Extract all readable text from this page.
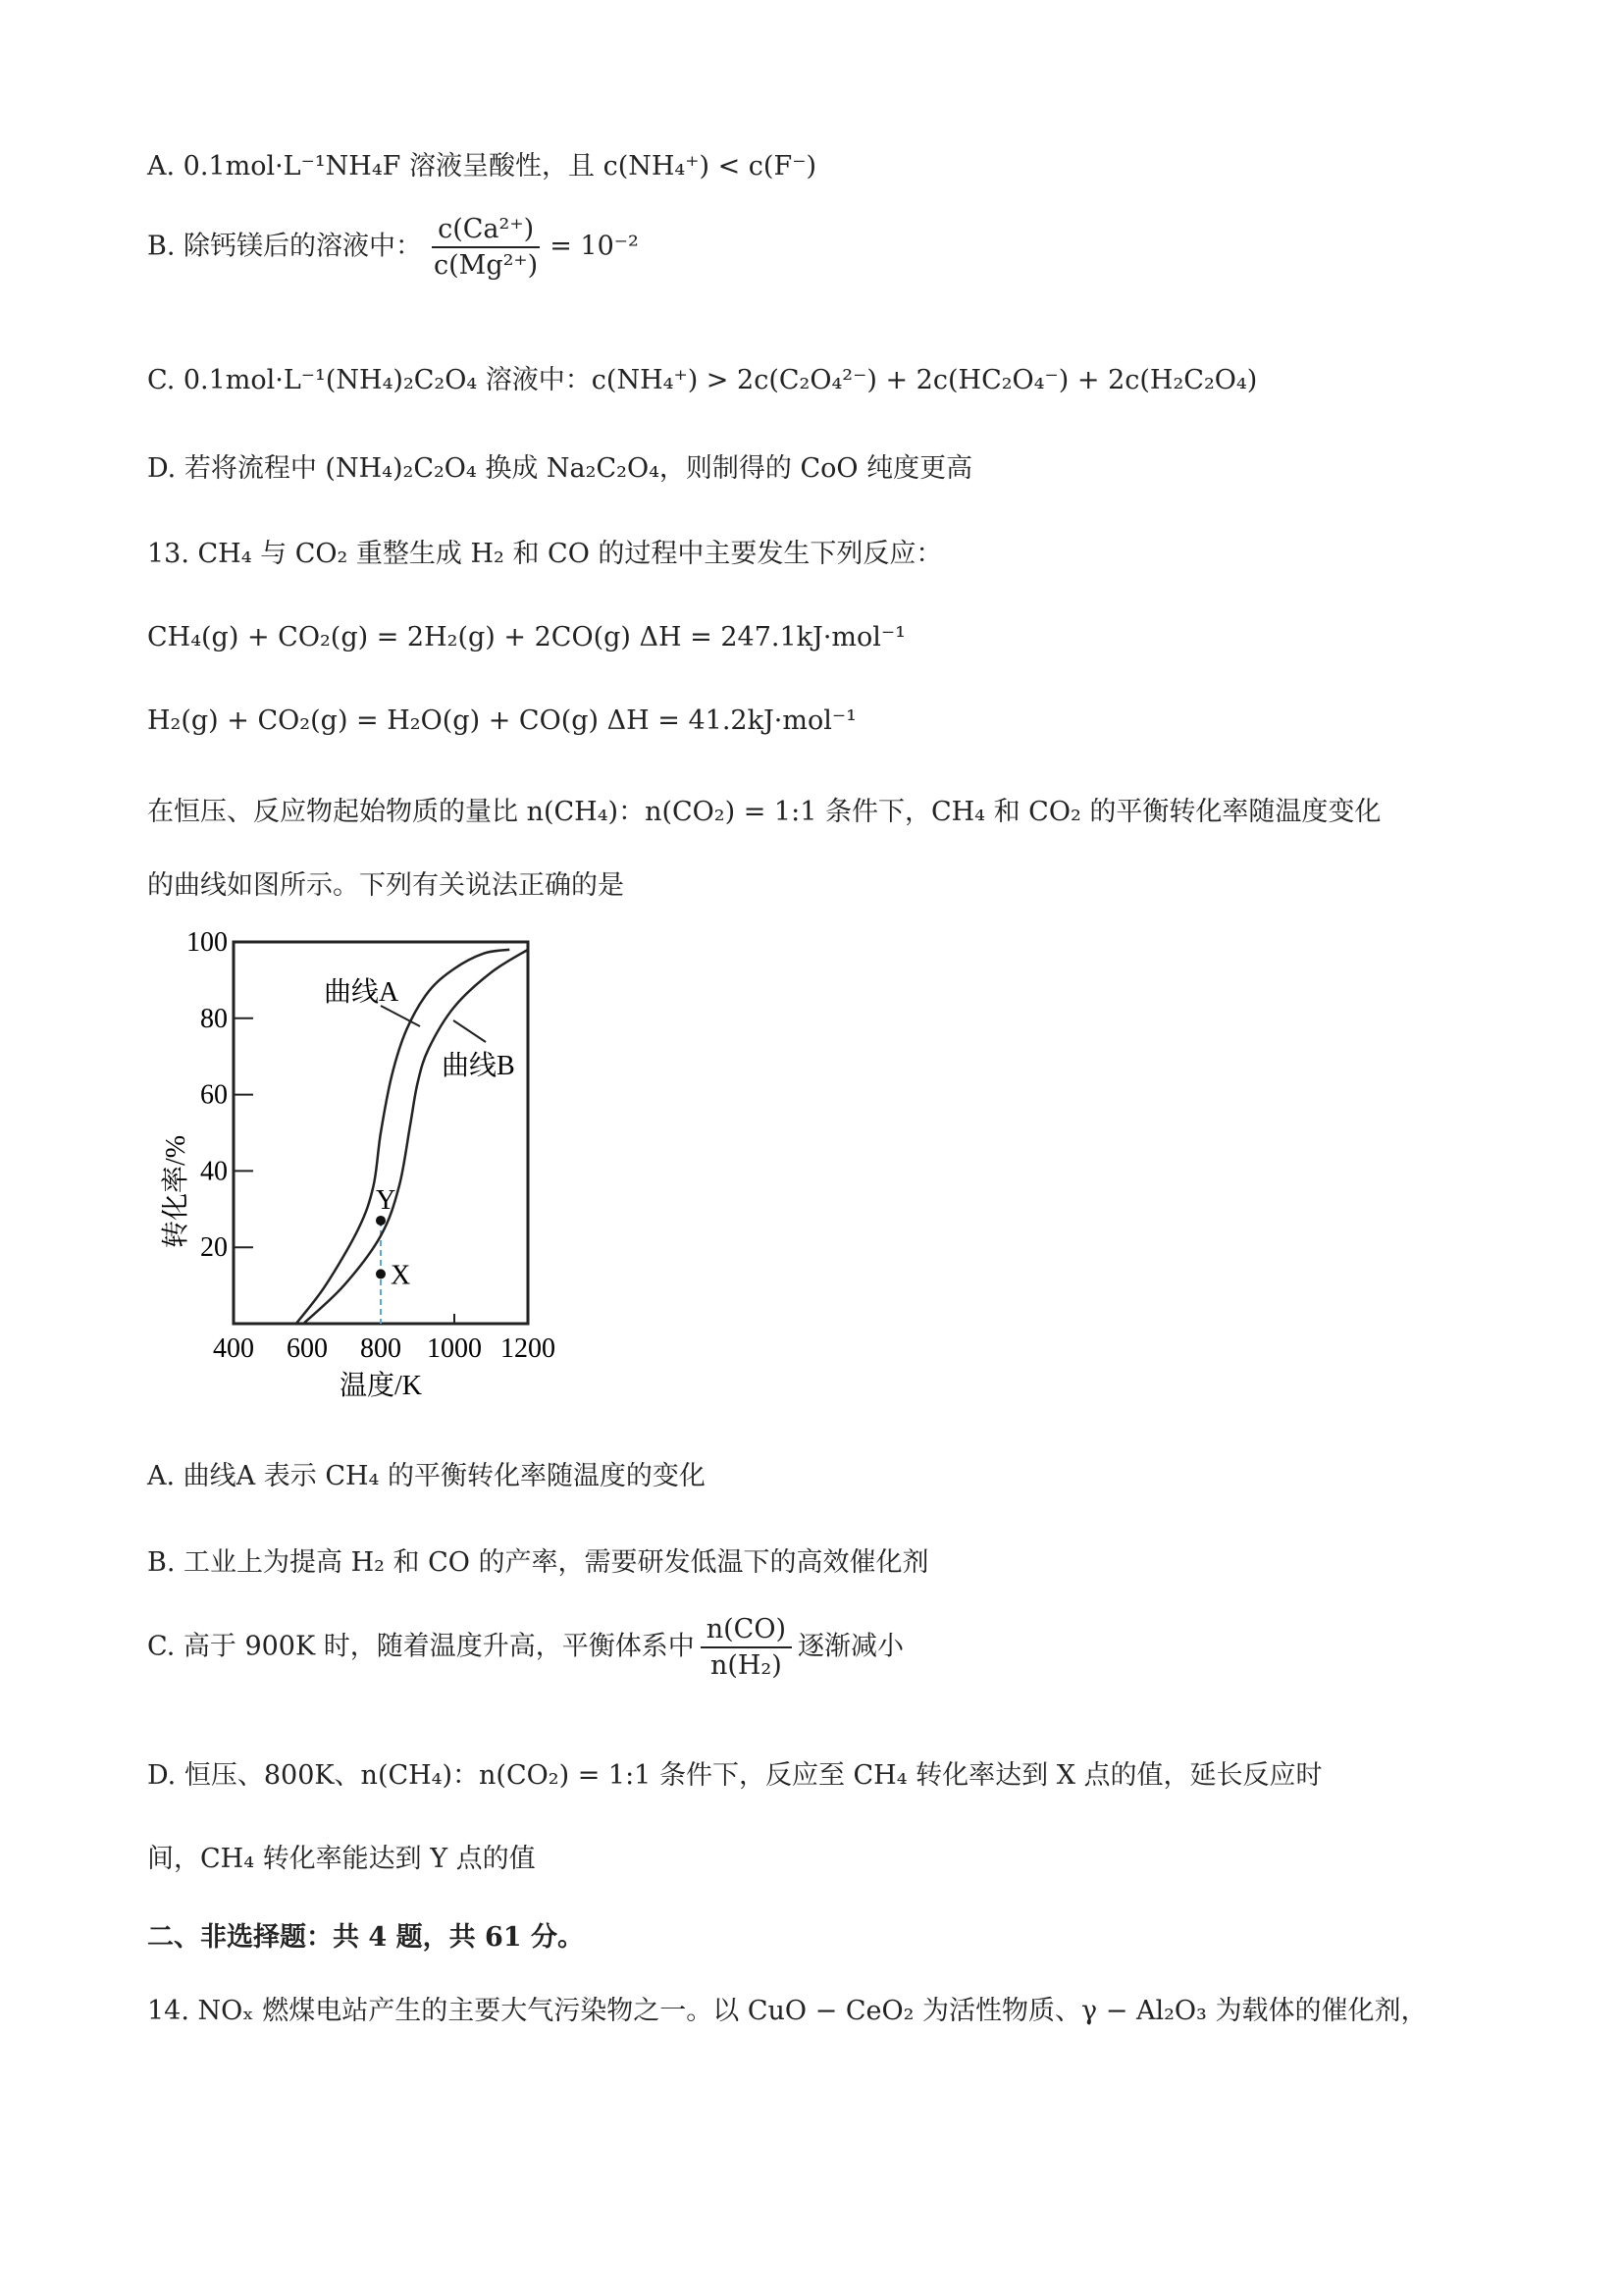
A. 0.1mol·L⁻¹NH₄F 溶液呈酸性，且 c(NH₄⁺) < c(F⁻)
B. 除钙镁后的溶液中： $\frac{\text{c(Ca²⁺)}}{\text{c(Mg²⁺)}} = 10^{-2}$
C. 0.1mol·L⁻¹(NH₄)₂C₂O₄ 溶液中：c(NH₄⁺) > 2c(C₂O₄²⁻) + 2c(HC₂O₄⁻) + 2c(H₂C₂O₄)
D. 若将流程中 (NH₄)₂C₂O₄ 换成 Na₂C₂O₄，则制得的 CoO 纯度更高
13. CH₄ 与 CO₂ 重整生成 H₂ 和 CO 的过程中主要发生下列反应：
CH₄(g) + CO₂(g) = 2H₂(g) + 2CO(g) ΔH = 247.1kJ·mol⁻¹
H₂(g) + CO₂(g) = H₂O(g) + CO(g) ΔH = 41.2kJ·mol⁻¹
在恒压、反应物起始物质的量比 n(CH₄)：n(CO₂) = 1:1 条件下，CH₄ 和 CO₂ 的平衡转化率随温度变化
的曲线如图所示。下列有关说法正确的是
100
80
60
40
20
400 600 800 1000 1200
温度/K
转化率/%
曲线A
曲线B
Y
X
A. 曲线A 表示 CH₄ 的平衡转化率随温度的变化
B. 工业上为提高 H₂ 和 CO 的产率，需要研发低温下的高效催化剂
C. 高于 900K 时，随着温度升高，平衡体系中 $\frac{n(CO)}{\text{n(H₂)}}$ 逐渐减小
D. 恒压、800K、n(CH₄)：n(CO₂) = 1:1 条件下，反应至 CH₄ 转化率达到 X 点的值，延长反应时
间，CH₄ 转化率能达到 Y 点的值
二、非选择题：共 4 题，共 61 分。
14. NOₓ 燃煤电站产生的主要大气污染物之一。以 CuO − CeO₂ 为活性物质、γ − Al₂O₃ 为载体的催化剂，
